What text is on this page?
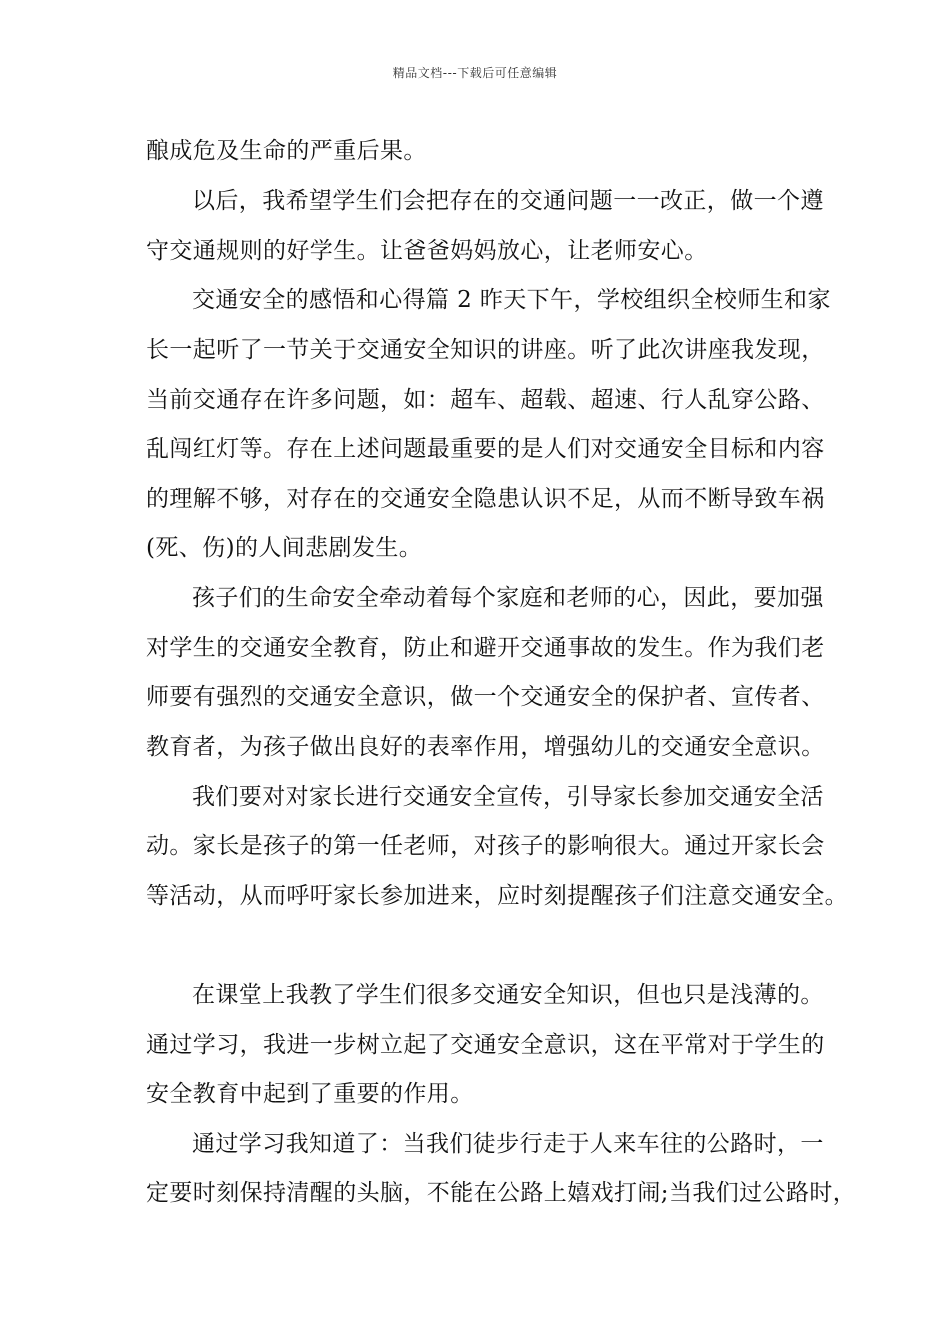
精品文档---下载后可任意编辑
酿成危及生命的严重后果。
以后，我希望学生们会把存在的交通问题一一改正，做一个遵
守交通规则的好学生。让爸爸妈妈放心，让老师安心。
交通安全的感悟和心得篇 2 昨天下午，学校组织全校师生和家
长一起听了一节关于交通安全知识的讲座。听了此次讲座我发现，
当前交通存在许多问题，如：超车、超载、超速、行人乱穿公路、
乱闯红灯等。存在上述问题最重要的是人们对交通安全目标和内容
的理解不够，对存在的交通安全隐患认识不足，从而不断导致车祸
(死、伤)的人间悲剧发生。
孩子们的生命安全牵动着每个家庭和老师的心，因此，要加强
对学生的交通安全教育，防止和避开交通事故的发生。作为我们老
师要有强烈的交通安全意识，做一个交通安全的保护者、宣传者、
教育者，为孩子做出良好的表率作用，增强幼儿的交通安全意识。
我们要对对家长进行交通安全宣传，引导家长参加交通安全活
动。家长是孩子的第一任老师，对孩子的影响很大。通过开家长会
等活动，从而呼吁家长参加进来，应时刻提醒孩子们注意交通安全。
在课堂上我教了学生们很多交通安全知识，但也只是浅薄的。
通过学习，我进一步树立起了交通安全意识，这在平常对于学生的
安全教育中起到了重要的作用。
通过学习我知道了：当我们徒步行走于人来车往的公路时，一
定要时刻保持清醒的头脑，不能在公路上嬉戏打闹;当我们过公路时，
